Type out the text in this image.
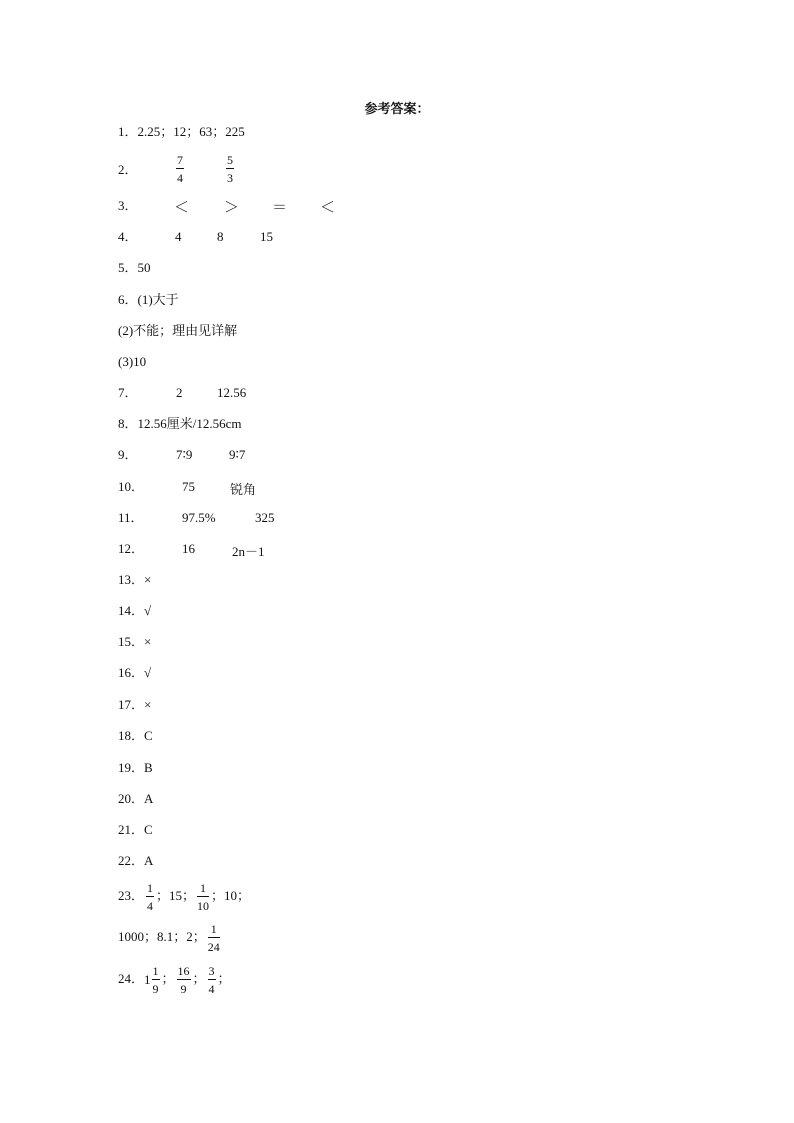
参考答案：
1．2.25；12；63；225
2．
7
4
5
3
3． ＜ ＞ ＝ ＜
4．	4	8	15
5．50
6．(1)大于
(2)不能；理由见详解
(3)10
7．	2	12.56
8．12.56厘米/12.56cm
9．	7∶9	9∶7
10．	75	锐角
11．	97.5%	325
12．	16	2n－1
13．×
14．√
15．×
16．√
17．×
18．C
19．B
20．A
21．C
22．A
23． $\frac{1}{4}$ ；15； $\frac{1}{10}$ ；10；
1000；8.1；2； $\frac{1}{24}$
24． $1 \frac{1}{9}$ ； $\frac{16}{9}$ ； $\frac{3}{4}$ ；
